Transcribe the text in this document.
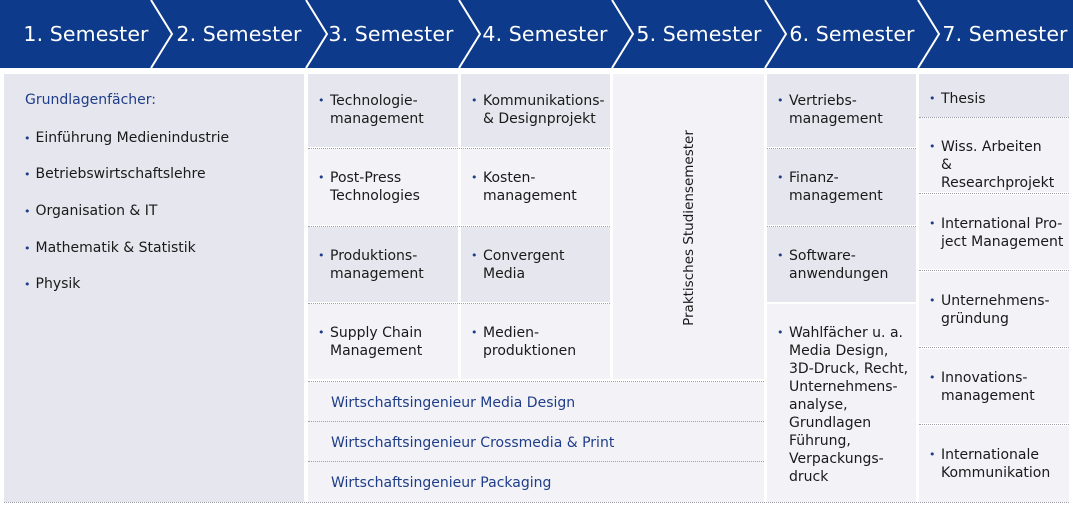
1. Semester	2. Semester 3. Semester 4. Semester 5. Semester 6. Semester 7. Semester
Grundlagenfächer:
• Einführung Medienindustrie
• Betriebswirtschaftslehre
• Organisation & IT
• Mathematik & Statistik
• Physik
• Technologie-
management
• Post-Press
Technologies
• Produktions-
management
• Supply Chain
Management
• Kommunikations-
& Designprojekt
• Kosten-
management
• Convergent
Media
• Medien-
produktionen
Praktisches Studiensemester
Wirtschaftsingenieur Media Design
Wirtschaftsingenieur Crossmedia & Print
Wirtschaftsingenieur Packaging
• Vertriebs-
management
• Finanz-
management
• Software-
anwendungen
• Wahlfächer u. a.
Media Design,
3D-Druck, Recht,
Unternehmens-
analyse,
Grundlagen
Führung,
Verpackungs-
druck
• Thesis
• Wiss. Arbeiten
& Researchprojekt
• International Pro-
ject Management
• Unternehmens-
gründung
• Innovations-
management
• Internationale
Kommunikation
